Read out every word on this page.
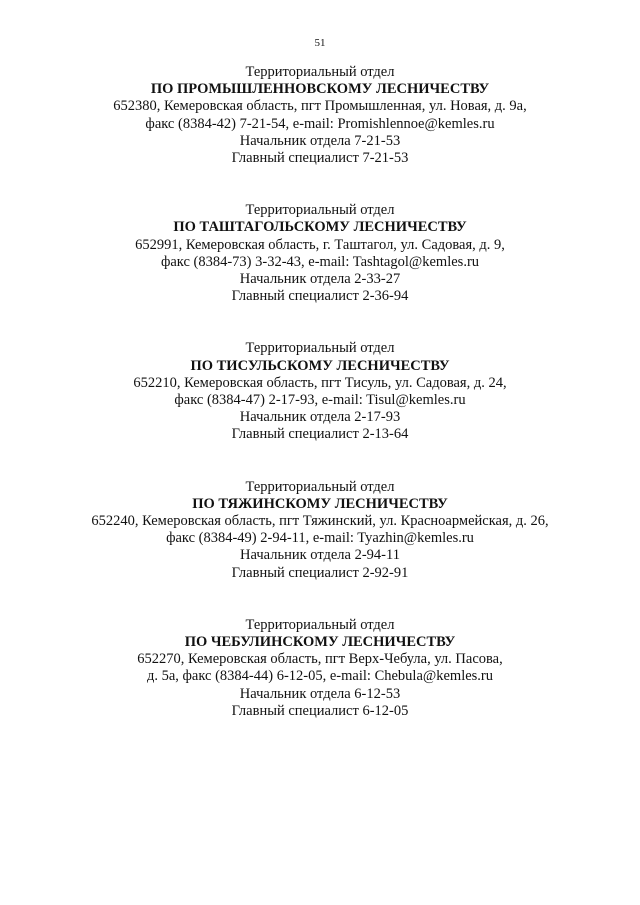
51
Территориальный отдел
ПО ПРОМЫШЛЕННОВСКОМУ ЛЕСНИЧЕСТВУ
652380, Кемеровская область, пгт Промышленная, ул. Новая, д. 9а,
факс (8384-42) 7-21-54, e-mail: Promishlennoe@kemles.ru
Начальник отдела 7-21-53
Главный специалист 7-21-53
Территориальный отдел
ПО ТАШТАГОЛЬСКОМУ ЛЕСНИЧЕСТВУ
652991, Кемеровская область, г. Таштагол, ул. Садовая, д. 9,
факс (8384-73) 3-32-43, e-mail: Tashtagol@kemles.ru
Начальник отдела 2-33-27
Главный специалист 2-36-94
Территориальный отдел
ПО ТИСУЛЬСКОМУ ЛЕСНИЧЕСТВУ
652210, Кемеровская область, пгт Тисуль, ул. Садовая, д. 24,
факс (8384-47) 2-17-93, e-mail: Tisul@kemles.ru
Начальник отдела 2-17-93
Главный специалист 2-13-64
Территориальный отдел
ПО ТЯЖИНСКОМУ ЛЕСНИЧЕСТВУ
652240, Кемеровская область, пгт Тяжинский, ул. Красноармейская, д. 26,
факс (8384-49) 2-94-11, e-mail: Tyazhin@kemles.ru
Начальник отдела 2-94-11
Главный специалист 2-92-91
Территориальный отдел
ПО ЧЕБУЛИНСКОМУ ЛЕСНИЧЕСТВУ
652270, Кемеровская область, пгт Верх-Чебула, ул. Пасова,
д. 5а, факс (8384-44) 6-12-05, e-mail: Chebula@kemles.ru
Начальник отдела 6-12-53
Главный специалист 6-12-05
